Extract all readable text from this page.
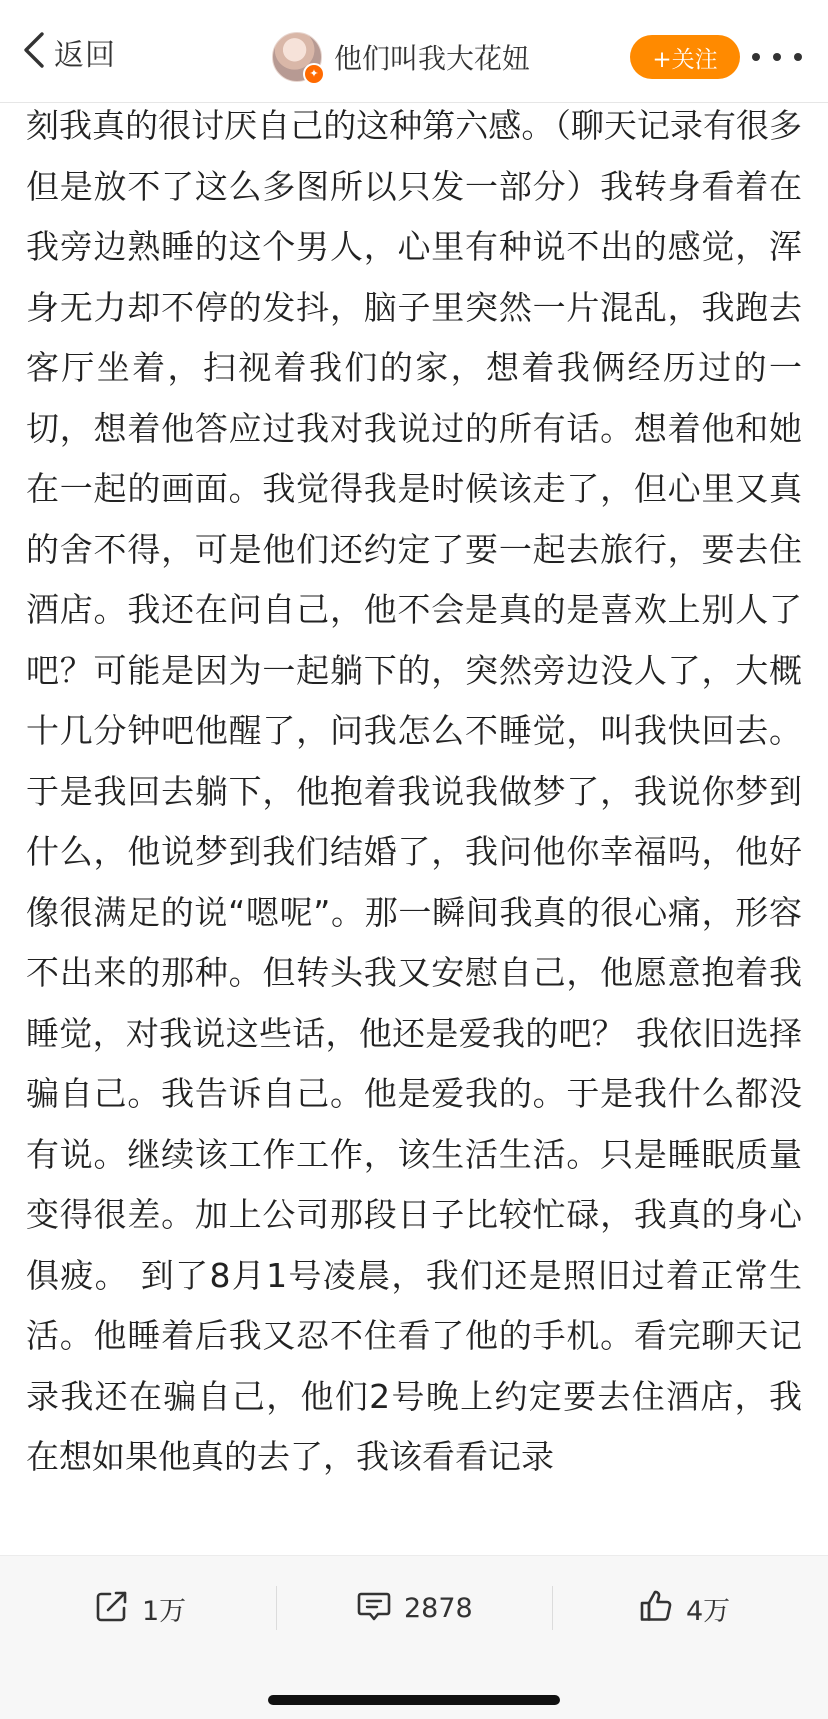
返回
✦ 他们叫我大花妞	+关注

刻我真的很讨厌自己的这种第六感。（聊天记录有很多 但是放不了这么多图所以只发一部分）我转身看着在我旁边熟睡的这个男人，心里有种说不出的感觉，浑身无力却不停的发抖，脑子里突然一片混乱，我跑去客厅坐着，扫视着我们的家，想着我俩经历过的一切，想着他答应过我对我说过的所有话。想着他和她在一起的画面。我觉得我是时候该走了，但心里又真的舍不得，可是他们还约定了要一起去旅行，要去住酒店。我还在问自己，他不会是真的是喜欢上别人了吧？可能是因为一起躺下的，突然旁边没人了，大概十几分钟吧他醒了，问我怎么不睡觉，叫我快回去。于是我回去躺下，他抱着我说我做梦了，我说你梦到什么，他说梦到我们结婚了，我问他你幸福吗，他好像很满足的说“嗯呢”。那一瞬间我真的很心痛，形容不出来的那种。但转头我又安慰自己，他愿意抱着我睡觉，对我说这些话，他还是爱我的吧？ 我依旧选择骗自己。我告诉自己。他是爱我的。于是我什么都没有说。继续该工作工作，该生活生活。只是睡眠质量变得很差。加上公司那段日子比较忙碌，我真的身心俱疲。 到了8月1号凌晨，我们还是照旧过着正常生活。他睡着后我又忍不住看了他的手机。看完聊天记录我还在骗自己，他们2号晚上约定要去住酒店，我在想如果他真的去了，我该看看记录

1万	2878	4万
